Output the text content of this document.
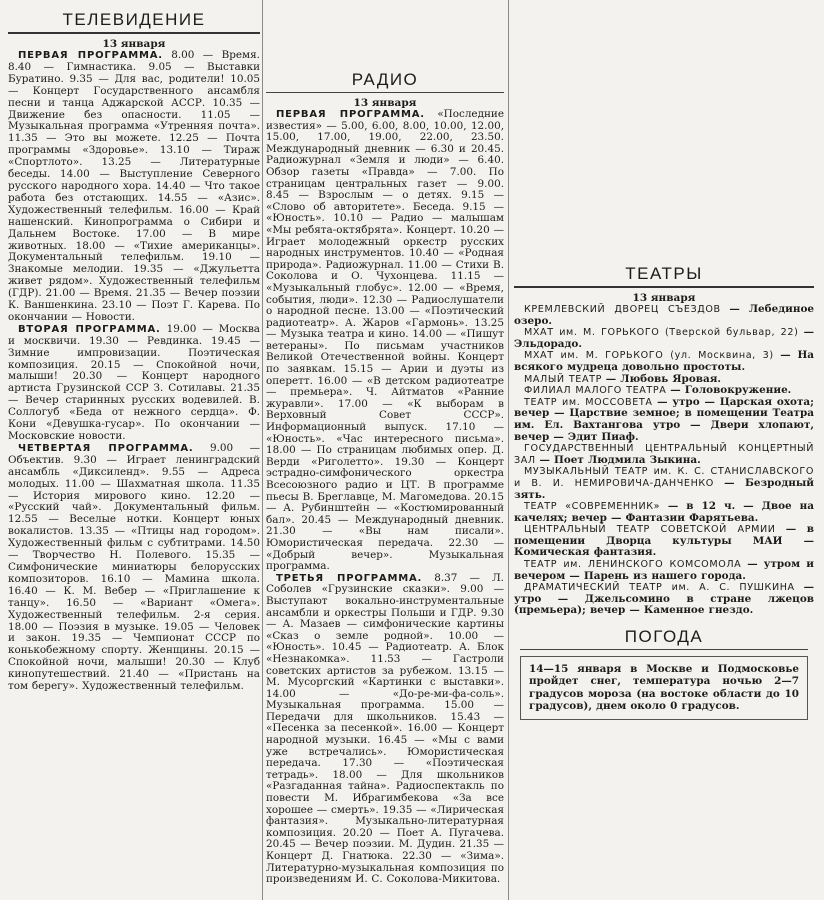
ТЕЛЕВИДЕНИЕ
13 января

ПЕРВАЯ ПРОГРАММА. 8.00 — Время. 8.40 — Гимнастика. 9.05 — Выставки Буратино. 9.35 — Для вас, родители! 10.05 — Концерт Государственного ансамбля песни и танца Аджарской АССР. 10.35 — Движение без опасности. 11.05 — Музыкальная программа «Утренняя почта». 11.35 — Это вы можете. 12.25 — Почта программы «Здоровье». 13.10 — Тираж «Спортлото». 13.25 — Литературные беседы. 14.00 — Выступление Северного русского народного хора. 14.40 — Что такое работа без отстающих. 14.55 — «Азис». Художественный телефильм. 16.00 — Край нашенский. Кинопрограмма о Сибири и Дальнем Востоке. 17.00 — В мире животных. 18.00 — «Тихие американцы». Документальный телефильм. 19.10 — Знакомые мелодии. 19.35 — «Джульетта живет рядом». Художественный телефильм (ГДР). 21.00 — Время. 21.35 — Вечер поэзии К. Ваншенкина. 23.10 — Поэт Г. Карева. По окончании — Новости.

ВТОРАЯ ПРОГРАММА. 19.00 — Москва и москвичи. 19.30 — Ревдинка. 19.45 — Зимние импровизации. Поэтическая композиция. 20.15 — Спокойной ночи, малыши! 20.30 — Концерт народного артиста Грузинской ССР З. Сотилавы. 21.35 — Вечер старинных русских водевилей. В. Соллогуб «Беда от нежного сердца». Ф. Кони «Девушка-гусар». По окончании — Московские новости.

ЧЕТВЕРТАЯ ПРОГРАММА. 9.00 — Объектив. 9.30 — Играет ленинградский ансамбль «Диксиленд». 9.55 — Адреса молодых. 11.00 — Шахматная школа. 11.35 — История мирового кино. 12.20 — «Русский чай». Документальный фильм. 12.55 — Веселые нотки. Концерт юных вокалистов. 13.35 — «Птицы над городом». Художественный фильм с субтитрами. 14.50 — Творчество Н. Полевого. 15.35 — Симфонические миниатюры белорусских композиторов. 16.10 — Мамина школа. 16.40 — К. М. Вебер — «Приглашение к танцу». 16.50 — «Вариант «Омега». Художественный телефильм. 2-я серия. 18.00 — Поэзия в музыке. 19.05 — Человек и закон. 19.35 — Чемпионат СССР по конькобежному спорту. Женщины. 20.15 — Спокойной ночи, малыши! 20.30 — Клуб кинопутешествий. 21.40 — «Пристань на том берегу». Художественный телефильм.

РАДИО
13 января

ПЕРВАЯ ПРОГРАММА. «Последние известия» — 5.00, 6.00, 8.00, 10.00, 12.00, 15.00, 17.00, 19.00, 22.00, 23.50. Международный дневник — 6.30 и 20.45. Радиожурнал «Земля и люди» — 6.40. Обзор газеты «Правда» — 7.00. По страницам центральных газет — 9.00. 8.45 — Взрослым — о детях. 9.15 — «Слово об авторитете». Беседа. 9.15 — «Юность». 10.10 — Радио — малышам «Мы ребята-октябрята». Концерт. 10.20 — Играет молодежный оркестр русских народных инструментов. 10.40 — «Родная природа». Радиожурнал. 11.00 — Стихи В. Соколова и О. Чухонцева. 11.15 — «Музыкальный глобус». 12.00 — «Время, события, люди». 12.30 — Радиослушатели о народной песне. 13.00 — «Поэтический радиотеатр». А. Жаров «Гармонь». 13.25 — Музыка театра и кино. 14.00 — «Пишут ветераны». По письмам участников Великой Отечественной войны. Концерт по заявкам. 15.15 — Арии и дуэты из оперетт. 16.00 — «В детском радиотеатре — премьера». Ч. Айтматов «Ранние журавли». 17.00 — «К выборам в Верховный Совет СССР». Информационный выпуск. 17.10 — «Юность». «Час интересного письма». 18.00 — По страницам любимых опер. Д. Верди «Риголетто». 19.30 — Концерт эстрадно-симфонического оркестра Всесоюзного радио и ЦТ. В программе пьесы В. Бреглавце, М. Магомедова. 20.15 — А. Рубинштейн — «Костюмированный бал». 20.45 — Международный дневник. 21.30 — «Вы нам писали». Юмористическая передача. 22.30 — «Добрый вечер». Музыкальная программа.

ТРЕТЬЯ ПРОГРАММА. 8.37 — Л. Соболев «Грузинские сказки». 9.00 — Выступают вокально-инструментальные ансамбли и оркестры Польши и ГДР. 9.30 — А. Мазаев — симфонические картины «Сказ о земле родной». 10.00 — «Юность». 10.45 — Радиотеатр. А. Блок «Незнакомка». 11.53 — Гастроли советских артистов за рубежом. 13.15 — М. Мусоргский «Картинки с выставки». 14.00 — «До-ре-ми-фа-соль». Музыкальная программа. 15.00 — Передачи для школьников. 15.43 — «Песенка за песенкой». 16.00 — Концерт народной музыки. 16.45 — «Мы с вами уже встречались». Юмористическая передача. 17.30 — «Поэтическая тетрадь». 18.00 — Для школьников «Разгаданная тайна». Радиоспектакль по повести М. Ибрагимбекова «За все хорошее — смерть». 19.35 — «Лирическая фантазия». Музыкально-литературная композиция. 20.20 — Поет А. Пугачева. 20.45 — Вечер поэзии. М. Дудин. 21.35 — Концерт Д. Гнатюка. 22.30 — «Зима». Литературно-музыкальная композиция по произведениям И. С. Соколова-Микитова.

ТЕАТРЫ
13 января

КРЕМЛЕВСКИЙ ДВОРЕЦ СЪЕЗДОВ — Лебединое озеро.

МХАТ им. М. ГОРЬКОГО (Тверской бульвар, 22) — Эльдорадо.

МХАТ им. М. ГОРЬКОГО (ул. Москвина, 3) — На всякого мудреца довольно простоты.

МАЛЫЙ ТЕАТР — Любовь Яровая.

ФИЛИАЛ МАЛОГО ТЕАТРА — Головокружение.

ТЕАТР им. МОССОВЕТА — утро — Царская охота; вечер — Царствие земное; в помещении Театра им. Ел. Вахтангова утро — Двери хлопают, вечер — Эдит Пиаф.

ГОСУДАРСТВЕННЫЙ ЦЕНТРАЛЬНЫЙ КОНЦЕРТНЫЙ ЗАЛ — Поет Людмила Зыкина.

МУЗЫКАЛЬНЫЙ ТЕАТР им. К. С. СТАНИСЛАВСКОГО и В. И. НЕМИРОВИЧА-ДАНЧЕНКО — Безродный зять.

ТЕАТР «СОВРЕМЕННИК» — в 12 ч. — Двое на качелях; вечер — Фантазии Фарятьева.

ЦЕНТРАЛЬНЫЙ ТЕАТР СОВЕТСКОЙ АРМИИ — в помещении Дворца культуры МАИ — Комическая фантазия.

ТЕАТР им. ЛЕНИНСКОГО КОМСОМОЛА — утром и вечером — Парень из нашего города.

ДРАМАТИЧЕСКИЙ ТЕАТР им. А. С. ПУШКИНА — утро — Джельсомино в стране лжецов (премьера); вечер — Каменное гнездо.

ПОГОДА

14—15 января в Москве и Подмосковье пройдет снег, температура ночью 2—7 градусов мороза (на востоке области до 10 градусов), днем около 0 градусов.
